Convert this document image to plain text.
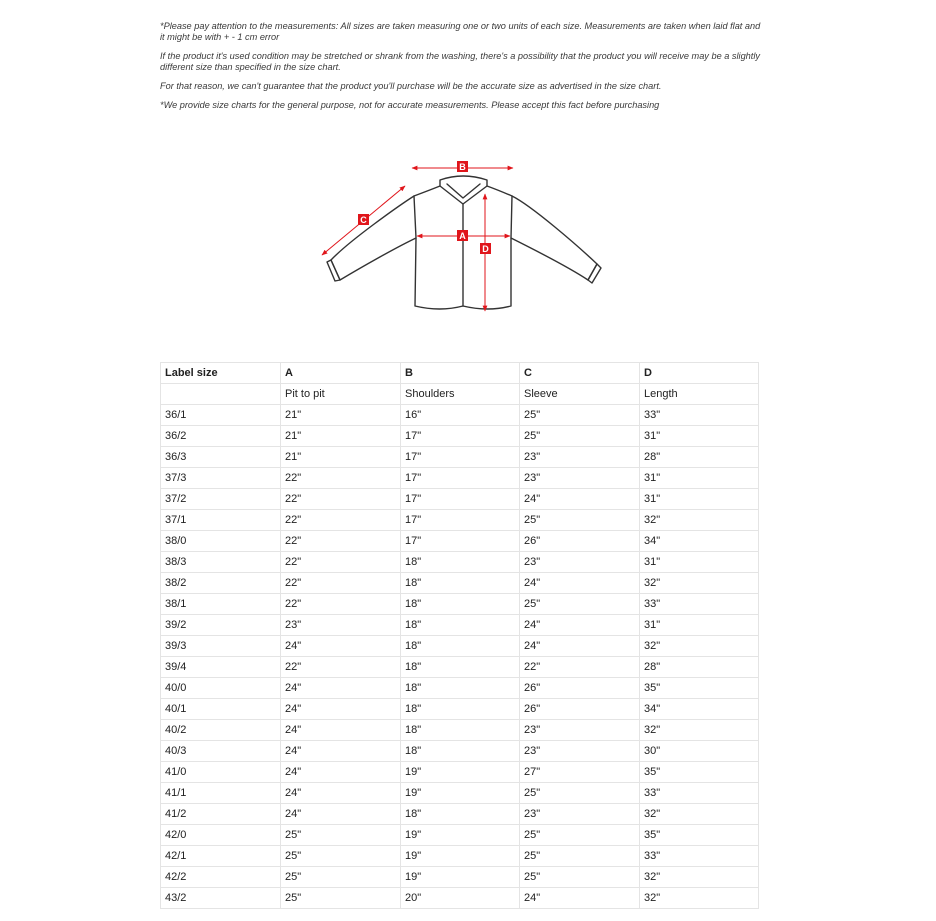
*Please pay attention to the measurements: All sizes are taken measuring one or two units of each size. Measurements are taken when laid flat and it might be with + - 1 cm error

If the product it's used condition may be stretched or shrank from the washing, there's a possibility that the product you will receive may be a slightly different size than specified in the size chart.

For that reason, we can't guarantee that the product you'll purchase will be the accurate size as advertised in the size chart.

*We provide size charts for the general purpose, not for accurate measurements. Please accept this fact before purchasing

B
C
A
D
Label size	A	B	C	D
	Pit to pit	Shoulders	Sleeve	Length
36/1	21"	16"	25"	33"
36/2	21"	17"	25"	31"
36/3	21"	17"	23"	28"
37/3	22"	17"	23"	31"
37/2	22"	17"	24"	31"
37/1	22"	17"	25"	32"
38/0	22"	17"	26"	34"
38/3	22"	18"	23"	31"
38/2	22"	18"	24"	32"
38/1	22"	18"	25"	33"
39/2	23"	18"	24"	31"
39/3	24"	18"	24"	32"
39/4	22"	18"	22"	28"
40/0	24"	18"	26"	35"
40/1	24"	18"	26"	34"
40/2	24"	18"	23"	32"
40/3	24"	18"	23"	30"
41/0	24"	19"	27"	35"
41/1	24"	19"	25"	33"
41/2	24"	18"	23"	32"
42/0	25"	19"	25"	35"
42/1	25"	19"	25"	33"
42/2	25"	19"	25"	32"
43/2	25"	20"	24"	32"
